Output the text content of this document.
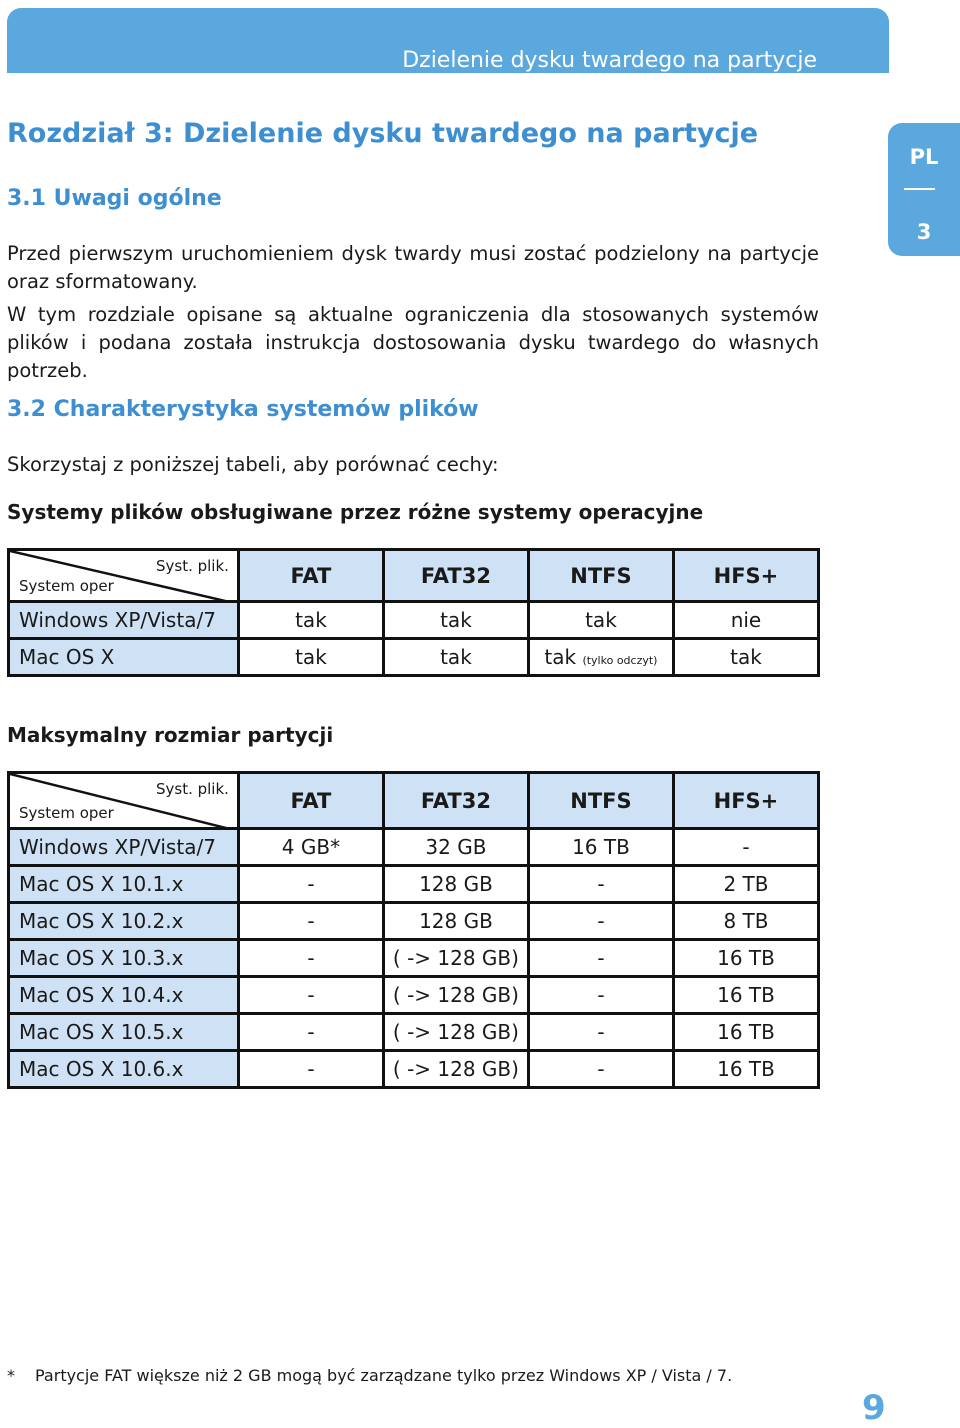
Dzielenie dysku twardego na partycje
PL
3
Rozdział 3: Dzielenie dysku twardego na partycje
3.1 Uwagi ogólne

Przed pierwszym uruchomieniem dysk twardy musi zostać podzielony na partycje oraz sformatowany.

W tym rozdziale opisane są aktualne ograniczenia dla stosowanych systemów plików i podana została instrukcja dostosowania dysku twardego do własnych potrzeb.

3.2 Charakterystyka systemów plików

Skorzystaj z poniższej tabeli, aby porównać cechy:

Systemy plików obsługiwane przez różne systemy operacyjne
Syst. plik.
System oper	FAT	FAT32	NTFS	HFS+
Windows XP/Vista/7	tak	tak	tak	nie
Mac OS X	tak	tak	tak (tylko odczyt)	tak
Maksymalny rozmiar partycji
Syst. plik.
System oper	FAT	FAT32	NTFS	HFS+
Windows XP/Vista/7	4 GB*	32 GB	16 TB	-
Mac OS X 10.1.x	-	128 GB	-	2 TB
Mac OS X 10.2.x	-	128 GB	-	8 TB
Mac OS X 10.3.x	-	( -> 128 GB)	-	16 TB
Mac OS X 10.4.x	-	( -> 128 GB)	-	16 TB
Mac OS X 10.5.x	-	( -> 128 GB)	-	16 TB
Mac OS X 10.6.x	-	( -> 128 GB)	-	16 TB
* Partycje FAT większe niż 2 GB mogą być zarządzane tylko przez Windows XP / Vista / 7.
9
